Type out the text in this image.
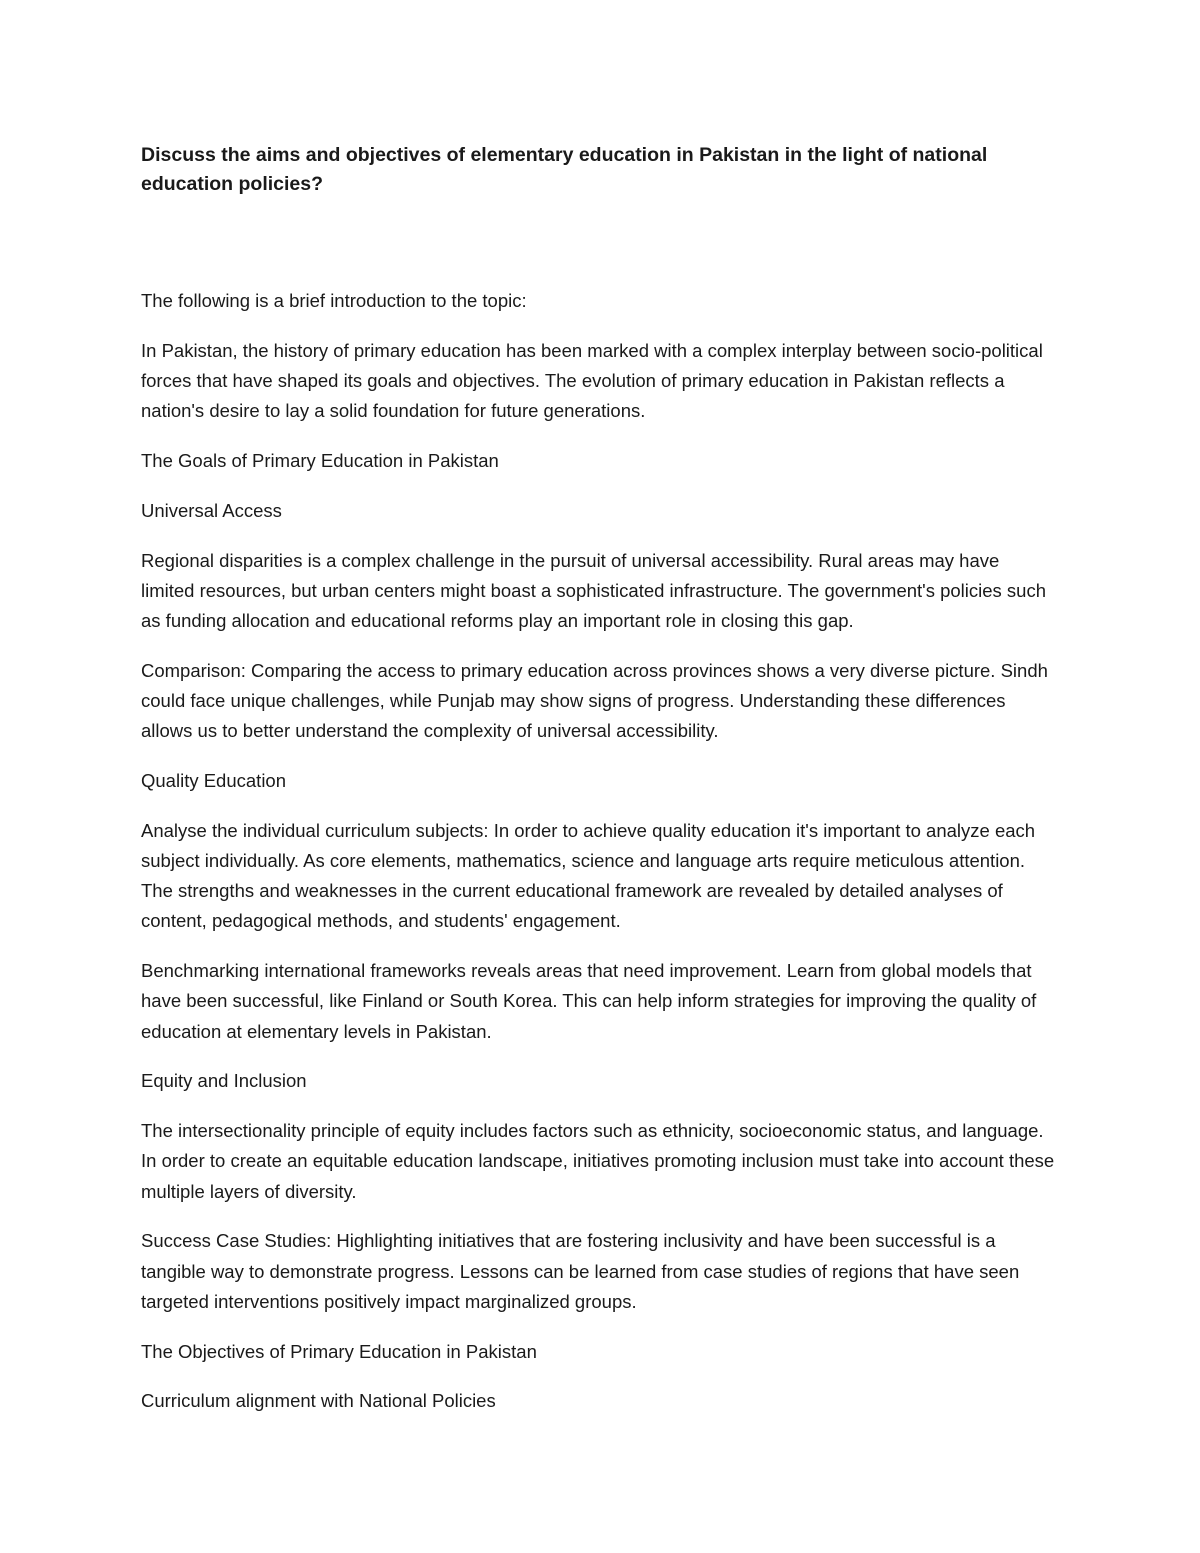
Discuss the aims and objectives of elementary education in Pakistan in the light of national education policies?

The following is a brief introduction to the topic:

In Pakistan, the history of primary education has been marked with a complex interplay between socio-political forces that have shaped its goals and objectives. The evolution of primary education in Pakistan reflects a nation's desire to lay a solid foundation for future generations.

The Goals of Primary Education in Pakistan

Universal Access

Regional disparities is a complex challenge in the pursuit of universal accessibility. Rural areas may have limited resources, but urban centers might boast a sophisticated infrastructure. The government's policies such as funding allocation and educational reforms play an important role in closing this gap.

Comparison: Comparing the access to primary education across provinces shows a very diverse picture. Sindh could face unique challenges, while Punjab may show signs of progress. Understanding these differences allows us to better understand the complexity of universal accessibility.

Quality Education

Analyse the individual curriculum subjects: In order to achieve quality education it's important to analyze each subject individually. As core elements, mathematics, science and language arts require meticulous attention. The strengths and weaknesses in the current educational framework are revealed by detailed analyses of content, pedagogical methods, and students' engagement.

Benchmarking international frameworks reveals areas that need improvement. Learn from global models that have been successful, like Finland or South Korea. This can help inform strategies for improving the quality of education at elementary levels in Pakistan.

Equity and Inclusion

The intersectionality principle of equity includes factors such as ethnicity, socioeconomic status, and language. In order to create an equitable education landscape, initiatives promoting inclusion must take into account these multiple layers of diversity.

Success Case Studies: Highlighting initiatives that are fostering inclusivity and have been successful is a tangible way to demonstrate progress. Lessons can be learned from case studies of regions that have seen targeted interventions positively impact marginalized groups.

The Objectives of Primary Education in Pakistan

Curriculum alignment with National Policies
